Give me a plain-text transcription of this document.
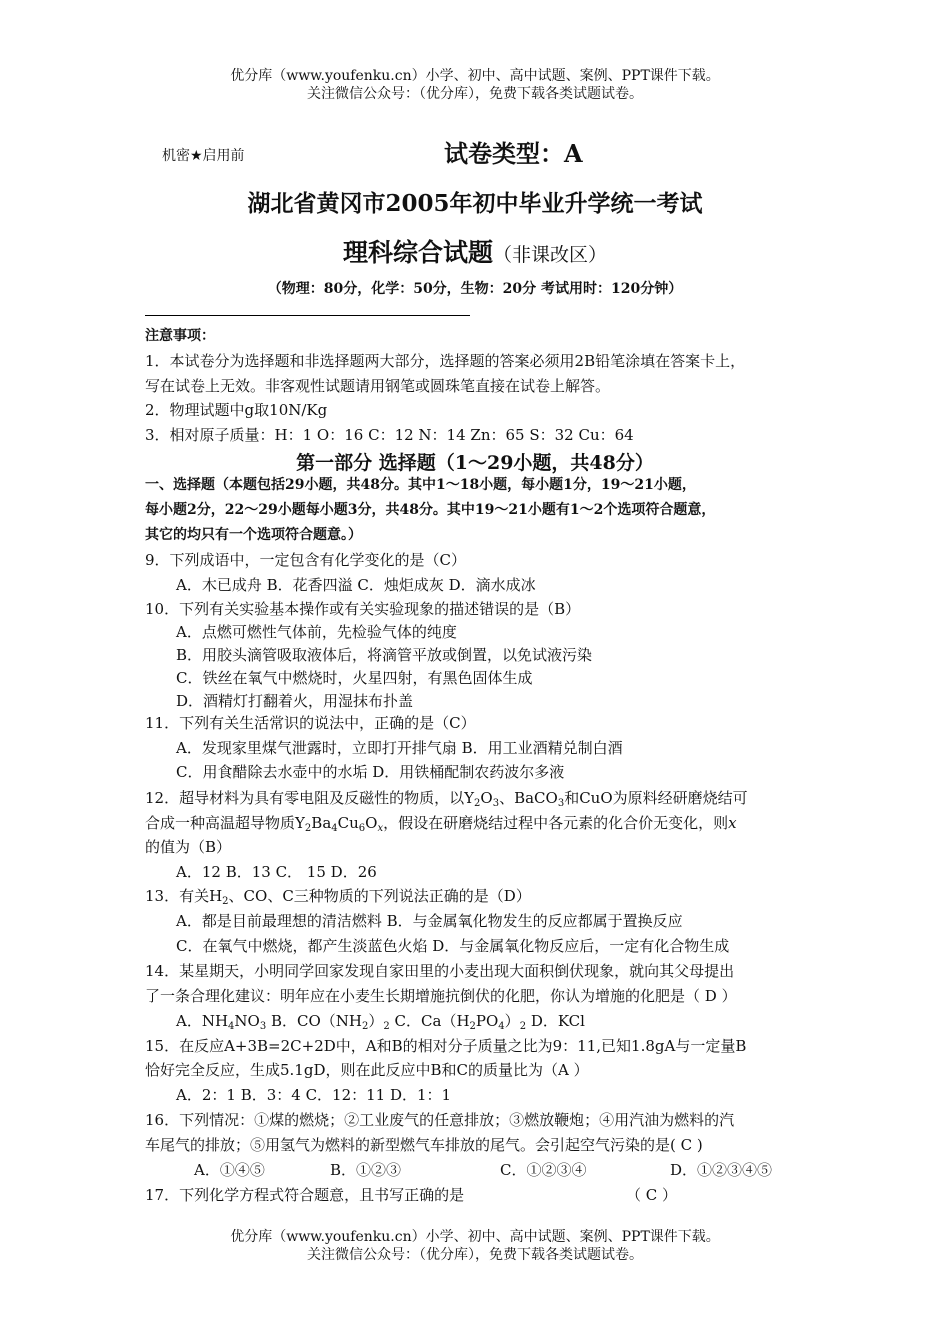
优分库（www.youfenku.cn）小学、初中、高中试题、案例、PPT课件下载。
关注微信公众号：（优分库），免费下载各类试题试卷。
机密★启用前	试卷类型：A
湖北省黄冈市2005年初中毕业升学统一考试
理科综合试题（非课改区）
（物理：80分，化学：50分，生物：20分 考试用时：120分钟）
注意事项：
1．本试卷分为选择题和非选择题两大部分，选择题的答案必须用2B铅笔涂填在答案卡上，
写在试卷上无效。非客观性试题请用钢笔或圆珠笔直接在试卷上解答。
2．物理试题中g取10N/Kg
3．相对原子质量：H：1 O：16 C：12 N：14 Zn：65 S：32 Cu：64
第一部分 选择题（1～29小题，共48分）
一、选择题（本题包括29小题，共48分。其中1～18小题，每小题1分，19～21小题，
每小题2分，22～29小题每小题3分，共48分。其中19～21小题有1～2个选项符合题意，
其它的均只有一个选项符合题意。）
9．下列成语中，一定包含有化学变化的是（C）
A．木已成舟 B．花香四溢 C．烛炬成灰 D．滴水成冰
10．下列有关实验基本操作或有关实验现象的描述错误的是（B）
A．点燃可燃性气体前，先检验气体的纯度
B．用胶头滴管吸取液体后，将滴管平放或倒置，以免试液污染
C．铁丝在氧气中燃烧时，火星四射，有黑色固体生成
D．酒精灯打翻着火，用湿抹布扑盖
11．下列有关生活常识的说法中，正确的是（C）
A．发现家里煤气泄露时，立即打开排气扇 B．用工业酒精兑制白酒
C．用食醋除去水壶中的水垢 D．用铁桶配制农药波尔多液
12．超导材料为具有零电阻及反磁性的物质，以$Y_2O_3$、BaCO$_3$和CuO为原料经研磨烧结可
合成一种高温超导物质$Y_2Ba_4Cu_6O_x$，假设在研磨烧结过程中各元素的化合价无变化，则x
的值为（B）
A．12 B．13 C． 15 D．26
13．有关$H_2$、CO、C三种物质的下列说法正确的是（D）
A．都是目前最理想的清洁燃料 B．与金属氧化物发生的反应都属于置换反应
C．在氧气中燃烧，都产生淡蓝色火焰 D．与金属氧化物反应后，一定有化合物生成
14．某星期天，小明同学回家发现自家田里的小麦出现大面积倒伏现象，就向其父母提出
了一条合理化建议：明年应在小麦生长期增施抗倒伏的化肥，你认为增施的化肥是（ D ）
A．$NH_4NO_3$ B．$CO(NH_2)_2$ C．$Ca(H_2PO_4)_2$ D．KCl
15．在反应A+3B=2C+2D中，A和B的相对分子质量之比为9：11,已知1.8gA与一定量B
恰好完全反应，生成5.1gD，则在此反应中B和C的质量比为（A ）
A．2：1 B．3：4 C．12：11 D．1：1
16．下列情况：①煤的燃烧；②工业废气的任意排放；③燃放鞭炮；④用汽油为燃料的汽
车尾气的排放；⑤用氢气为燃料的新型燃气车排放的尾气。会引起空气污染的是( C )
A．①④⑤	B．①②③	C．①②③④	D．①②③④⑤
17．下列化学方程式符合题意，且书写正确的是	（ C ）
优分库（www.youfenku.cn）小学、初中、高中试题、案例、PPT课件下载。
关注微信公众号：（优分库），免费下载各类试题试卷。
